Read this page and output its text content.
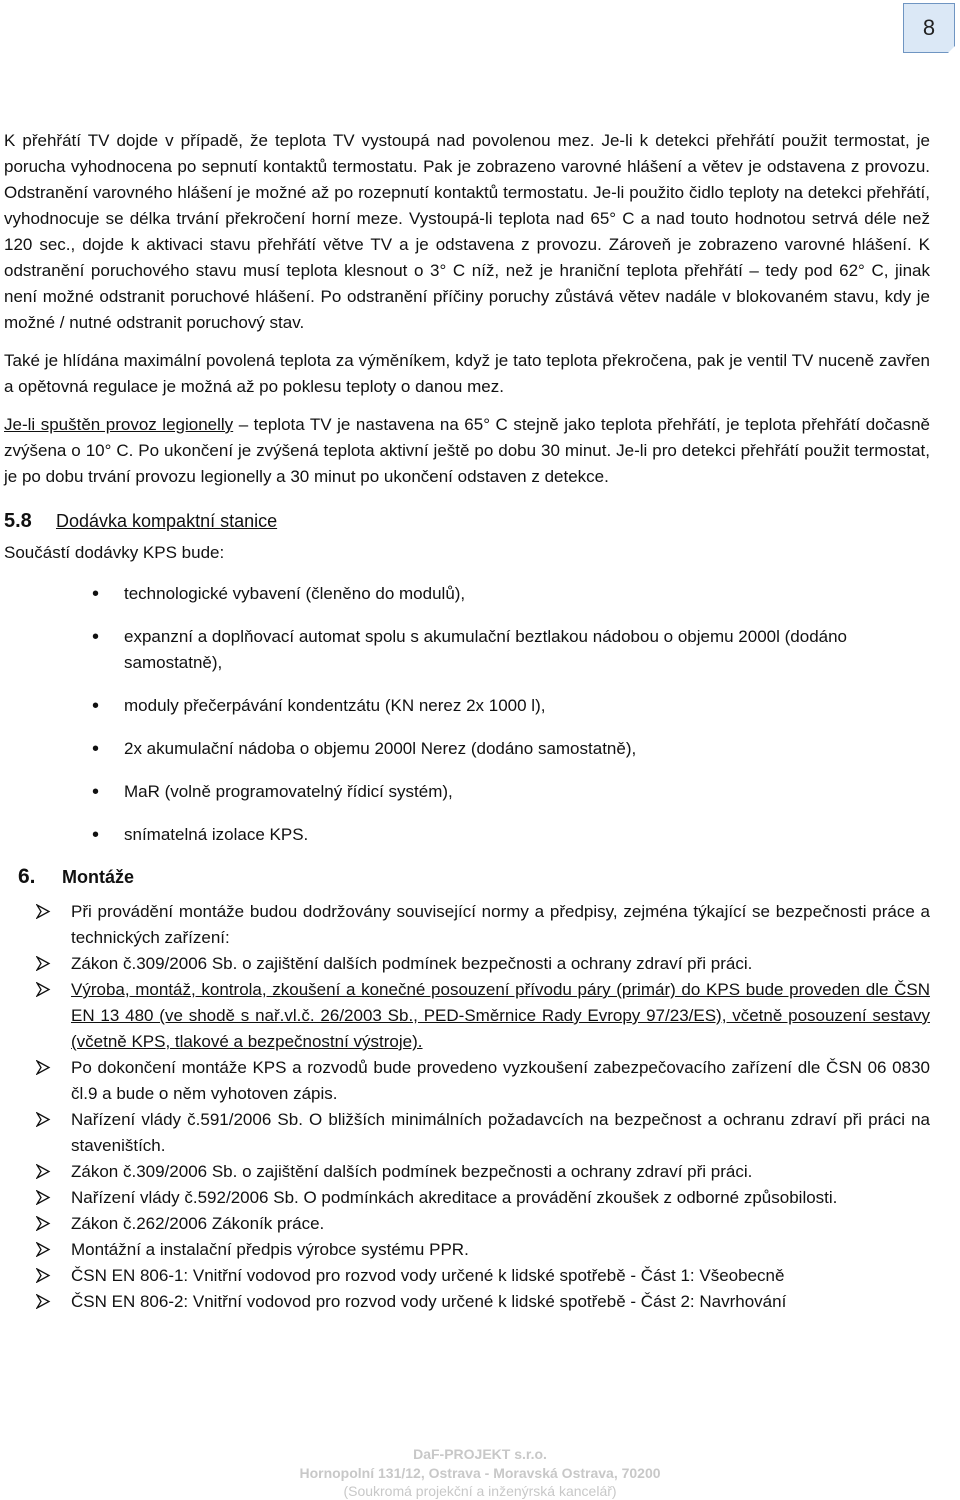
8

K přehřátí TV dojde v případě, že teplota TV vystoupá nad povolenou mez. Je-li k detekci přehřátí použit termostat, je porucha vyhodnocena po sepnutí kontaktů termostatu. Pak je zobrazeno varovné hlášení a větev je odstavena z provozu. Odstranění varovného hlášení je možné až po rozepnutí kontaktů termostatu. Je-li použito čidlo teploty na detekci přehřátí, vyhodnocuje se délka trvání překročení horní meze. Vystoupá-li teplota nad 65° C a nad touto hodnotou setrvá déle než 120 sec., dojde k aktivaci stavu přehřátí větve TV a je odstavena z provozu. Zároveň je zobrazeno varovné hlášení. K odstranění poruchového stavu musí teplota klesnout o 3° C níž, než je hraniční teplota přehřátí – tedy pod 62° C, jinak není možné odstranit poruchové hlášení. Po odstranění příčiny poruchy zůstává větev nadále v blokovaném stavu, kdy je možné / nutné odstranit poruchový stav.

Také je hlídána maximální povolená teplota za výměníkem, když je tato teplota překročena, pak je ventil TV nuceně zavřen a opětovná regulace je možná až po poklesu teploty o danou mez.

Je-li spuštěn provoz legionelly – teplota TV je nastavena na 65° C stejně jako teplota přehřátí, je teplota přehřátí dočasně zvýšena o 10° C. Po ukončení je zvýšená teplota aktivní ještě po dobu 30 minut. Je-li pro detekci přehřátí použit termostat, je po dobu trvání provozu legionelly a 30 minut po ukončení odstaven z detekce.

5.8	Dodávka kompaktní stanice
Součástí dodávky KPS bude:
• technologické vybavení (členěno do modulů),
• expanzní a doplňovací automat spolu s akumulační beztlakou nádobou o objemu 2000l (dodáno samostatně),
• moduly přečerpávání kondentzátu (KN nerez 2x 1000 l),
• 2x akumulační nádoba o objemu 2000l Nerez (dodáno samostatně),
• MaR (volně programovatelný řídicí systém),
• snímatelná izolace KPS.
6.	Montáže
Při provádění montáže budou dodržovány související normy a předpisy, zejména týkající se bezpečnosti práce a technických zařízení:
Zákon č.309/2006 Sb. o zajištění dalších podmínek bezpečnosti a ochrany zdraví při práci.
Výroba, montáž, kontrola, zkoušení a konečné posouzení přívodu páry (primár) do KPS bude proveden dle ČSN EN 13 480 (ve shodě s nař.vl.č. 26/2003 Sb., PED-Směrnice Rady Evropy 97/23/ES), včetně posouzení sestavy (včetně KPS, tlakové a bezpečnostní výstroje).
Po dokončení montáže KPS a rozvodů bude provedeno vyzkoušení zabezpečovacího zařízení dle ČSN 06 0830 čl.9 a bude o něm vyhotoven zápis.
Nařízení vlády č.591/2006 Sb. O bližších minimálních požadavcích na bezpečnost a ochranu zdraví při práci na staveništích.
Zákon č.309/2006 Sb. o zajištění dalších podmínek bezpečnosti a ochrany zdraví při práci.
Nařízení vlády č.592/2006 Sb. O podmínkách akreditace a provádění zkoušek z odborné způsobilosti.
Zákon č.262/2006 Zákoník práce.
Montážní a instalační předpis výrobce systému PPR.
ČSN EN 806-1: Vnitřní vodovod pro rozvod vody určené k lidské spotřebě - Část 1: Všeobecně
ČSN EN 806-2: Vnitřní vodovod pro rozvod vody určené k lidské spotřebě - Část 2: Navrhování
DaF-PROJEKT s.r.o.
Hornopolní 131/12, Ostrava - Moravská Ostrava, 70200
(Soukromá projekční a inženýrská kancelář)
